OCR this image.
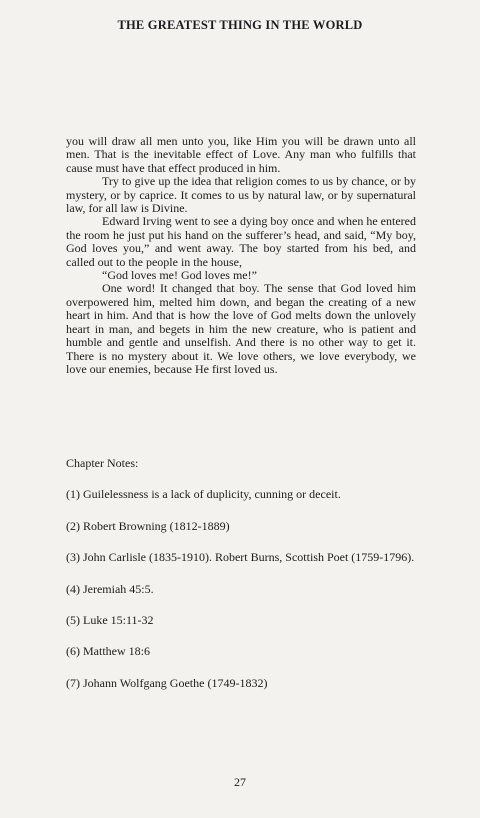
THE GREATEST THING IN THE WORLD

you will draw all men unto you, like Him you will be drawn unto all men. That is the inevitable effect of Love. Any man who fulfills that cause must have that effect produced in him.

Try to give up the idea that religion comes to us by chance, or by mystery, or by caprice. It comes to us by natural law, or by supernatural law, for all law is Divine.

Edward Irving went to see a dying boy once and when he entered the room he just put his hand on the sufferer’s head, and said, “My boy, God loves you,” and went away. The boy started from his bed, and called out to the people in the house,

“God loves me! God loves me!”

One word! It changed that boy. The sense that God loved him overpowered him, melted him down, and began the creating of a new heart in him. And that is how the love of God melts down the unlovely heart in man, and begets in him the new creature, who is patient and humble and gentle and unselfish. And there is no other way to get it. There is no mystery about it. We love others, we love everybody, we love our enemies, because He first loved us.

Chapter Notes:

(1) Guilelessness is a lack of duplicity, cunning or deceit.

(2) Robert Browning (1812-1889)

(3) John Carlisle (1835-1910). Robert Burns, Scottish Poet (1759-1796).

(4) Jeremiah 45:5.

(5) Luke 15:11-32

(6) Matthew 18:6

(7) Johann Wolfgang Goethe (1749-1832)

27
